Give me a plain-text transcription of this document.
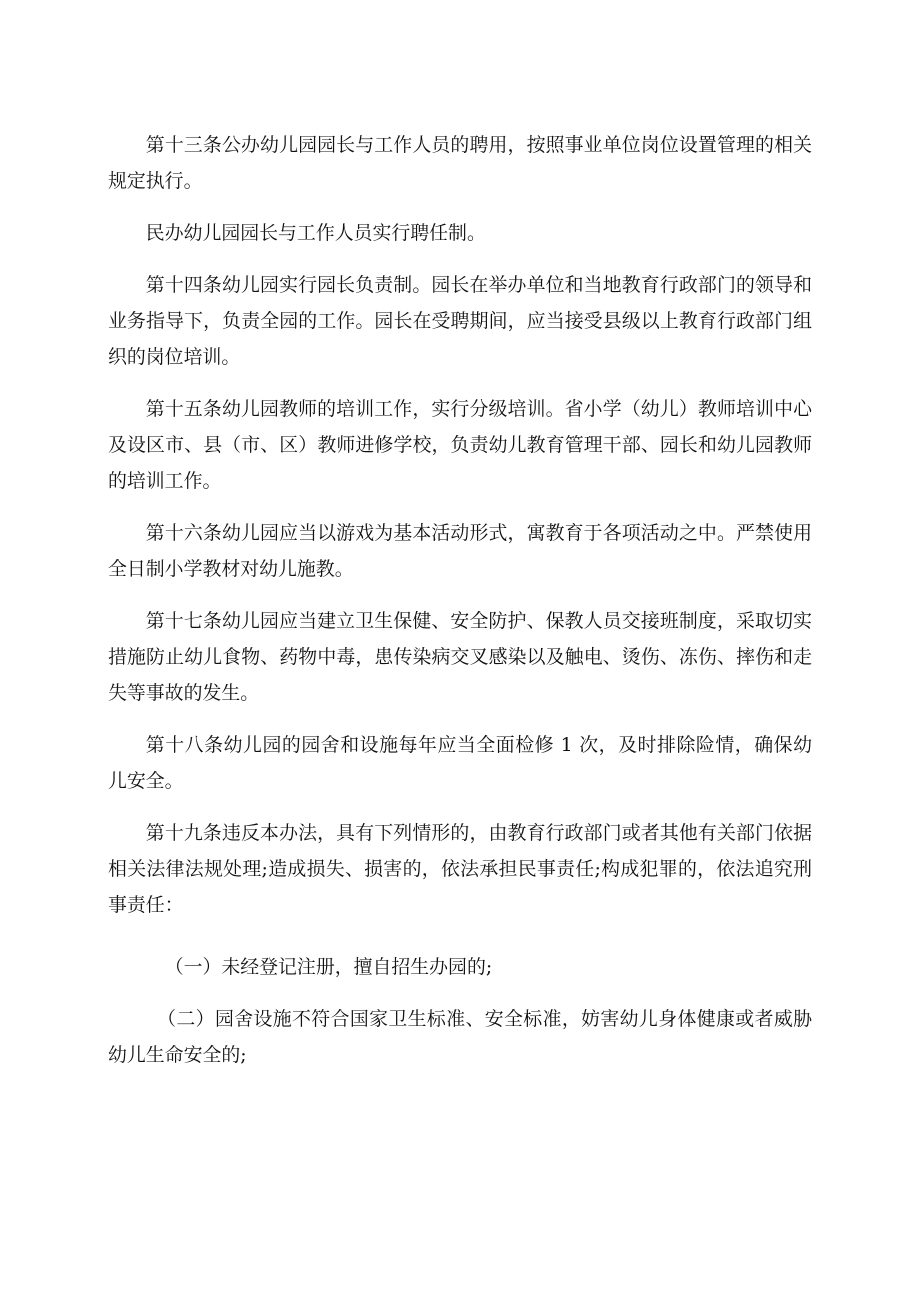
第十三条公办幼儿园园长与工作人员的聘用，按照事业单位岗位设置管理的相关规定执行。

民办幼儿园园长与工作人员实行聘任制。

第十四条幼儿园实行园长负责制。园长在举办单位和当地教育行政部门的领导和业务指导下，负责全园的工作。园长在受聘期间，应当接受县级以上教育行政部门组织的岗位培训。

第十五条幼儿园教师的培训工作，实行分级培训。省小学（幼儿）教师培训中心及设区市、县（市、区）教师进修学校，负责幼儿教育管理干部、园长和幼儿园教师的培训工作。

第十六条幼儿园应当以游戏为基本活动形式，寓教育于各项活动之中。严禁使用全日制小学教材对幼儿施教。

第十七条幼儿园应当建立卫生保健、安全防护、保教人员交接班制度，采取切实措施防止幼儿食物、药物中毒，患传染病交叉感染以及触电、烫伤、冻伤、摔伤和走失等事故的发生。

第十八条幼儿园的园舍和设施每年应当全面检修 1 次，及时排除险情，确保幼儿安全。

第十九条违反本办法，具有下列情形的，由教育行政部门或者其他有关部门依据相关法律法规处理;造成损失、损害的，依法承担民事责任;构成犯罪的，依法追究刑事责任：

（一）未经登记注册，擅自招生办园的;

（二）园舍设施不符合国家卫生标准、安全标准，妨害幼儿身体健康或者威胁幼儿生命安全的;
